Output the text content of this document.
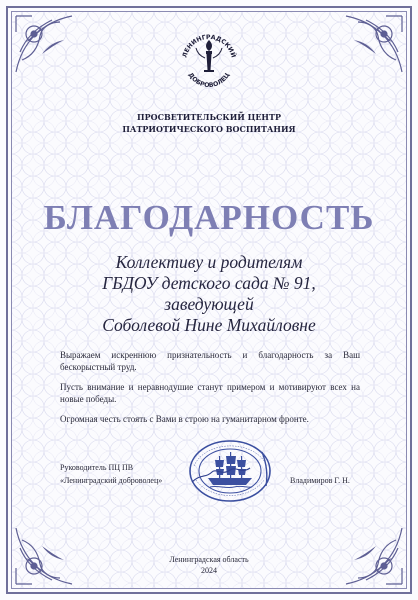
ЛЕНИНГРАДСКИЙ
ДОБРОВОЛЕЦ
ПРОСВЕТИТЕЛЬСКИЙ ЦЕНТР
ПАТРИОТИЧЕСКОГО ВОСПИТАНИЯ
БЛАГОДАРНОСТЬ
Коллективу и родителям
ГБДОУ детского сада № 91,
заведующей
Соболевой Нине Михайловне
Выражаем искреннюю признательность и благодарность за Ваш бескорыстный труд.
Пусть внимание и неравнодушие станут примером и мотивируют всех на новые победы.
Огромная честь стоять с Вами в строю на гуманитарном фронте.
Руководитель ПЦ ПВ
«Ленинградский доброволец»	Владимиров Г. Н.
Ленинградская область
2024
